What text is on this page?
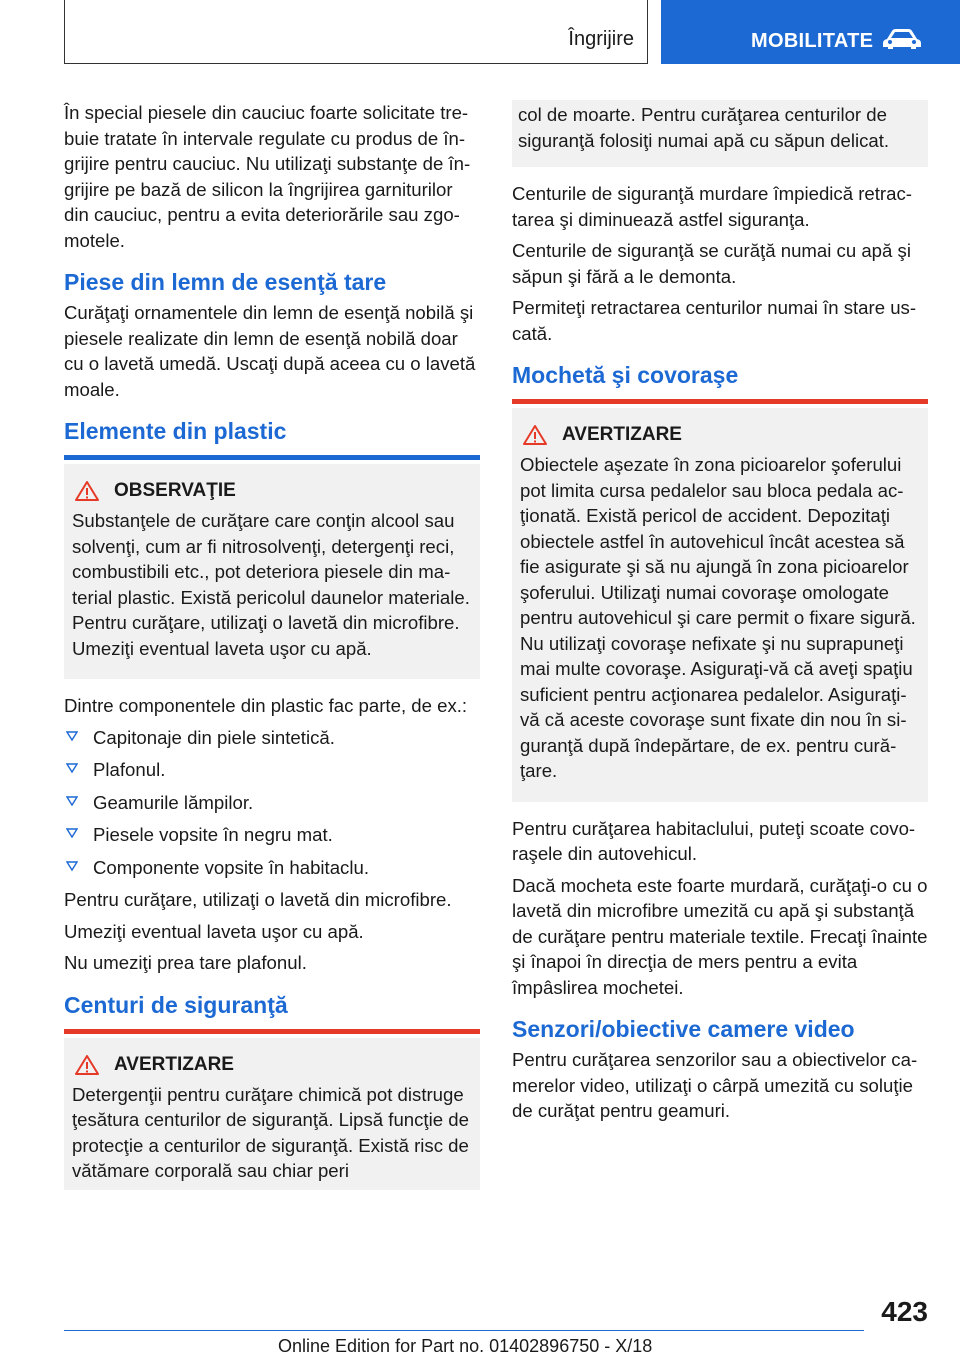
Îngrijire	MOBILITATE

În special piesele din cauciuc foarte solicitate trebuie tratate în intervale regulate cu produs de îngrijire pentru cauciuc. Nu utilizaţi substanţe de îngrijire pe bază de silicon la îngrijirea garniturilor din cauciuc, pentru a evita deteriorările sau zgomotele.

Piese din lemn de esenţă tare

Curăţaţi ornamentele din lemn de esenţă nobilă şi piesele realizate din lemn de esenţă nobilă doar cu o lavetă umedă. Uscaţi după aceea cu o lavetă moale.

Elemente din plastic
OBSERVAŢIE

Substanţele de curăţare care conţin alcool sau solvenţi, cum ar fi nitrosolvenţi, detergenţi reci, combustibili etc., pot deteriora piesele din material plastic. Există pericolul daunelor materiale. Pentru curăţare, utilizaţi o lavetă din microfibre. Umeziţi eventual laveta uşor cu apă.

Dintre componentele din plastic fac parte, de ex.:

Capitonaje din piele sintetică.
Plafonul.
Geamurile lămpilor.
Piesele vopsite în negru mat.
Componente vopsite în habitaclu.

Pentru curăţare, utilizaţi o lavetă din microfibre.

Umeziţi eventual laveta uşor cu apă.

Nu umeziţi prea tare plafonul.

Centuri de siguranţă
AVERTIZARE

Detergenţii pentru curăţare chimică pot distruge ţesătura centurilor de siguranţă. Lipsă funcţie de protecţie a centurilor de siguranţă. Există risc de vătămare corporală sau chiar peri

col de moarte. Pentru curăţarea centurilor de siguranţă folosiţi numai apă cu săpun delicat.

Centurile de siguranţă murdare împiedică retractarea şi diminuează astfel siguranţa.

Centurile de siguranţă se curăţă numai cu apă şi săpun şi fără a le demonta.

Permiteţi retractarea centurilor numai în stare uscată.

Mochetă şi covoraşe
AVERTIZARE

Obiectele aşezate în zona picioarelor şoferului pot limita cursa pedalelor sau bloca pedala acţionată. Există pericol de accident. Depozitaţi obiectele astfel în autovehicul încât acestea să fie asigurate şi să nu ajungă în zona picioarelor şoferului. Utilizaţi numai covoraşe omologate pentru autovehicul şi care permit o fixare sigură. Nu utilizaţi covoraşe nefixate şi nu suprapuneţi mai multe covoraşe. Asiguraţi-vă că aveţi spaţiu suficient pentru acţionarea pedalelor. Asiguraţi-vă că aceste covoraşe sunt fixate din nou în siguranţă după îndepărtare, de ex. pentru curăţare.

Pentru curăţarea habitaclului, puteţi scoate covoraşele din autovehicul.

Dacă mocheta este foarte murdară, curăţaţi-o cu o lavetă din microfibre umezită cu apă şi substanţă de curăţare pentru materiale textile. Frecaţi înainte şi înapoi în direcţia de mers pentru a evita împâslirea mochetei.

Senzori/obiective camere video

Pentru curăţarea senzorilor sau a obiectivelor camerelor video, utilizaţi o cârpă umezită cu soluţie de curăţat pentru geamuri.

423
Online Edition for Part no. 01402896750 - X/18
